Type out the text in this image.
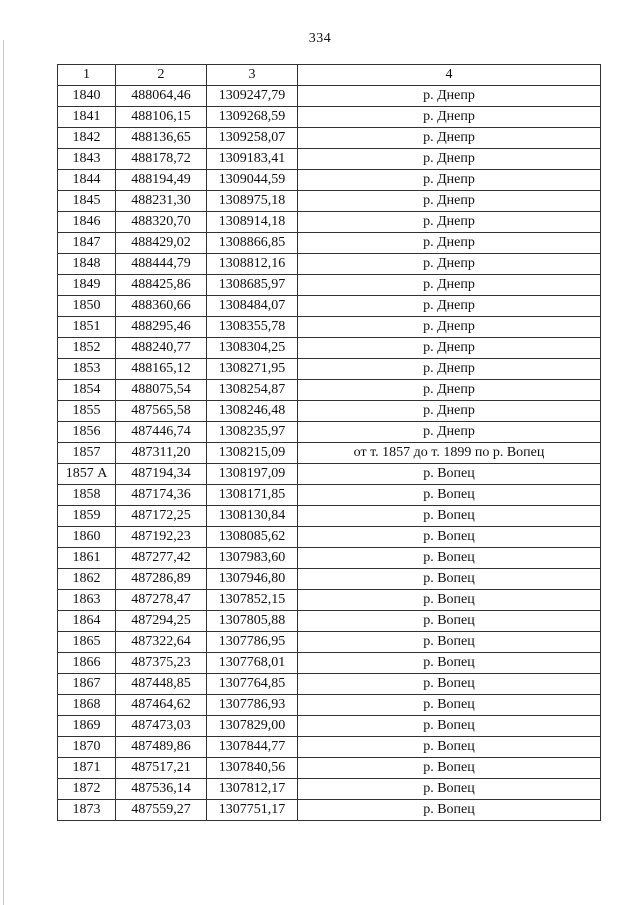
334
1	2	3	4
1840	488064,46	1309247,79	р. Днепр
1841	488106,15	1309268,59	р. Днепр
1842	488136,65	1309258,07	р. Днепр
1843	488178,72	1309183,41	р. Днепр
1844	488194,49	1309044,59	р. Днепр
1845	488231,30	1308975,18	р. Днепр
1846	488320,70	1308914,18	р. Днепр
1847	488429,02	1308866,85	р. Днепр
1848	488444,79	1308812,16	р. Днепр
1849	488425,86	1308685,97	р. Днепр
1850	488360,66	1308484,07	р. Днепр
1851	488295,46	1308355,78	р. Днепр
1852	488240,77	1308304,25	р. Днепр
1853	488165,12	1308271,95	р. Днепр
1854	488075,54	1308254,87	р. Днепр
1855	487565,58	1308246,48	р. Днепр
1856	487446,74	1308235,97	р. Днепр
1857	487311,20	1308215,09	от т. 1857 до т. 1899 по р. Вопец
1857 А	487194,34	1308197,09	р. Вопец
1858	487174,36	1308171,85	р. Вопец
1859	487172,25	1308130,84	р. Вопец
1860	487192,23	1308085,62	р. Вопец
1861	487277,42	1307983,60	р. Вопец
1862	487286,89	1307946,80	р. Вопец
1863	487278,47	1307852,15	р. Вопец
1864	487294,25	1307805,88	р. Вопец
1865	487322,64	1307786,95	р. Вопец
1866	487375,23	1307768,01	р. Вопец
1867	487448,85	1307764,85	р. Вопец
1868	487464,62	1307786,93	р. Вопец
1869	487473,03	1307829,00	р. Вопец
1870	487489,86	1307844,77	р. Вопец
1871	487517,21	1307840,56	р. Вопец
1872	487536,14	1307812,17	р. Вопец
1873	487559,27	1307751,17	р. Вопец
